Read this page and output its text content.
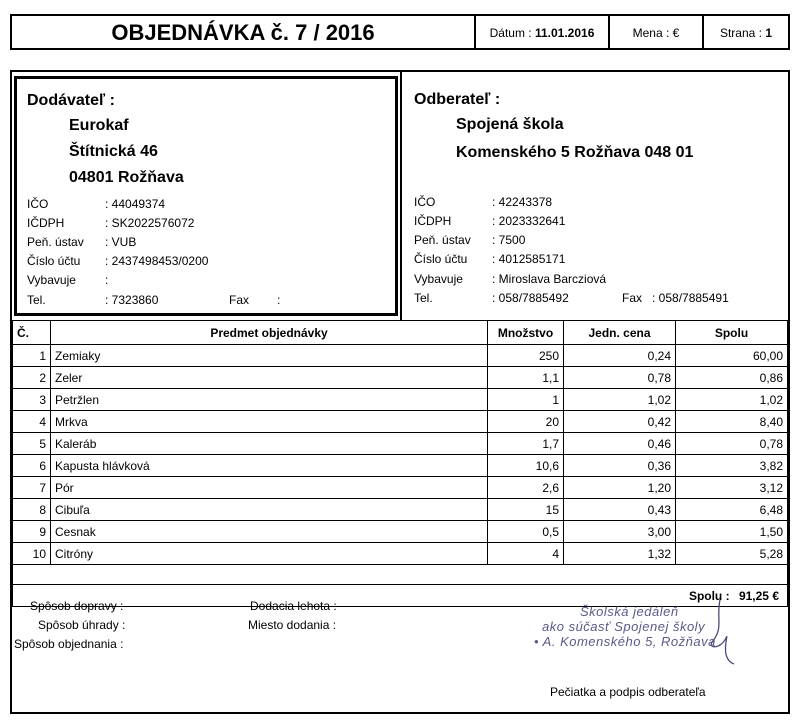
OBJEDNÁVKA č. 7 / 2016	Dátum : 11.01.2016	Mena : €	Strana : 1
Dodávateľ :
Eurokaf
Štítnická 46
04801 Rožňava
IČO	: 44049374
IČDPH	: SK2022576072
Peň. ústav : VUB
Číslo účtu : 2437498453/0200
Vybavuje :
Tel.	: 7323860	Fax :
Odberateľ :
Spojená škola
Komenského 5 Rožňava 048 01
IČO	: 42243378
IČDPH	: 2023332641
Peň. ústav : 7500
Číslo účtu : 4012585171
Vybavuje : Miroslava Barcziová
Tel.	: 058/7885492	Fax : 058/7885491
Č.	Predmet objednávky	Množstvo	Jedn. cena	Spolu
1	Zemiaky	250	0,24	60,00
2	Zeler	1,1	0,78	0,86
3	Petržlen	1	1,02	1,02
4	Mrkva	20	0,42	8,40
5	Kaleráb	1,7	0,46	0,78
6	Kapusta hlávková	10,6	0,36	3,82
7	Pór	2,6	1,20	3,12
8	Cibuľa	15	0,43	6,48
9	Cesnak	0,5	3,00	1,50
10	Citróny	4	1,32	5,28

Spolu : 91,25 €				
Spôsob dopravy :
Spôsob úhrady :
Spôsob objednania :
Dodacia lehota :
Miesto dodania :
Školská jedáleň
ako súčasť Spojenej školy
• A. Komenského 5, Rožňava
Pečiatka a podpis odberateľa
